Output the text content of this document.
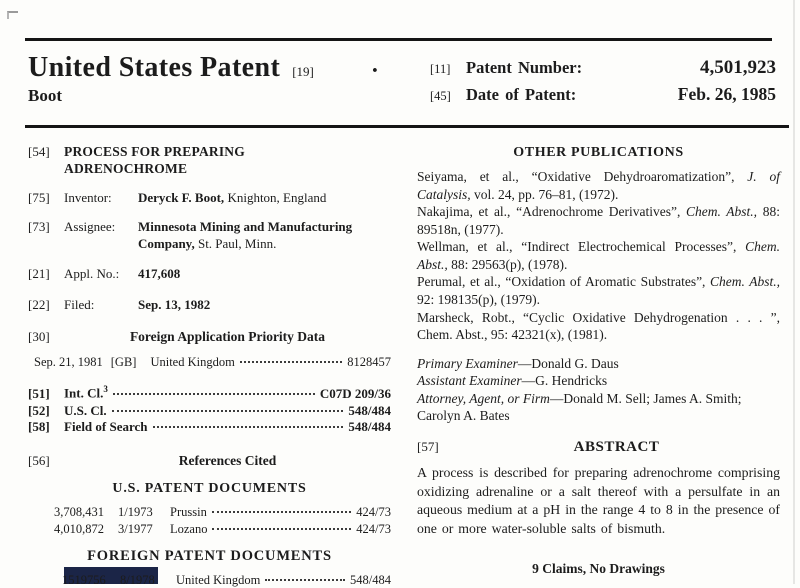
United States Patent [19] .
Boot
[11] Patent Number:	4,501,923
[45] Date of Patent:	Feb. 26, 1985
[54]	PROCESS FOR PREPARING ADRENOCHROME
[75]	Inventor:	Deryck F. Boot, Knighton, England
[73]	Assignee:	Minnesota Mining and Manufacturing Company, St. Paul, Minn.
[21]	Appl. No.:	417,608
[22]	Filed:	Sep. 13, 1982
[30]	Foreign Application Priority Data
Sep. 21, 1981 [GB] United Kingdom	8128457
[51]	Int. Cl.$^3$	C07D 209/36
[52]	U.S. Cl.	548/484
[58]	Field of Search	548/484
[56]	References Cited
U.S. PATENT DOCUMENTS
3,708,431	1/1973	Prussin	424/73
4,010,872	3/1977	Lozano	424/73
FOREIGN PATENT DOCUMENTS
1519756	8/1978	United Kingdom	548/484
OTHER PUBLICATIONS

Seiyama, et al., “Oxidative Dehydroaromatization”, J. of Catalysis, vol. 24, pp. 76–81, (1972).

Nakajima, et al., “Adrenochrome Derivatives”, Chem. Abst., 88: 89518n, (1977).

Wellman, et al., “Indirect Electrochemical Processes”, Chem. Abst., 88: 29563(p), (1978).

Perumal, et al., “Oxidation of Aromatic Substrates”, Chem. Abst., 92: 198135(p), (1979).

Marsheck, Robt., “Cyclic Oxidative Dehydrogenation . . . ”, Chem. Abst., 95: 42321(x), (1981).

Primary Examiner—Donald G. Daus
Assistant Examiner—G. Hendricks
Attorney, Agent, or Firm—Donald M. Sell; James A. Smith; Carolyn A. Bates
[57]	ABSTRACT
A process is described for preparing adrenochrome comprising oxidizing adrenaline or a salt thereof with a persulfate in an aqueous medium at a pH in the range 4 to 8 in the presence of one or more water-soluble salts of bismuth.
9 Claims, No Drawings
